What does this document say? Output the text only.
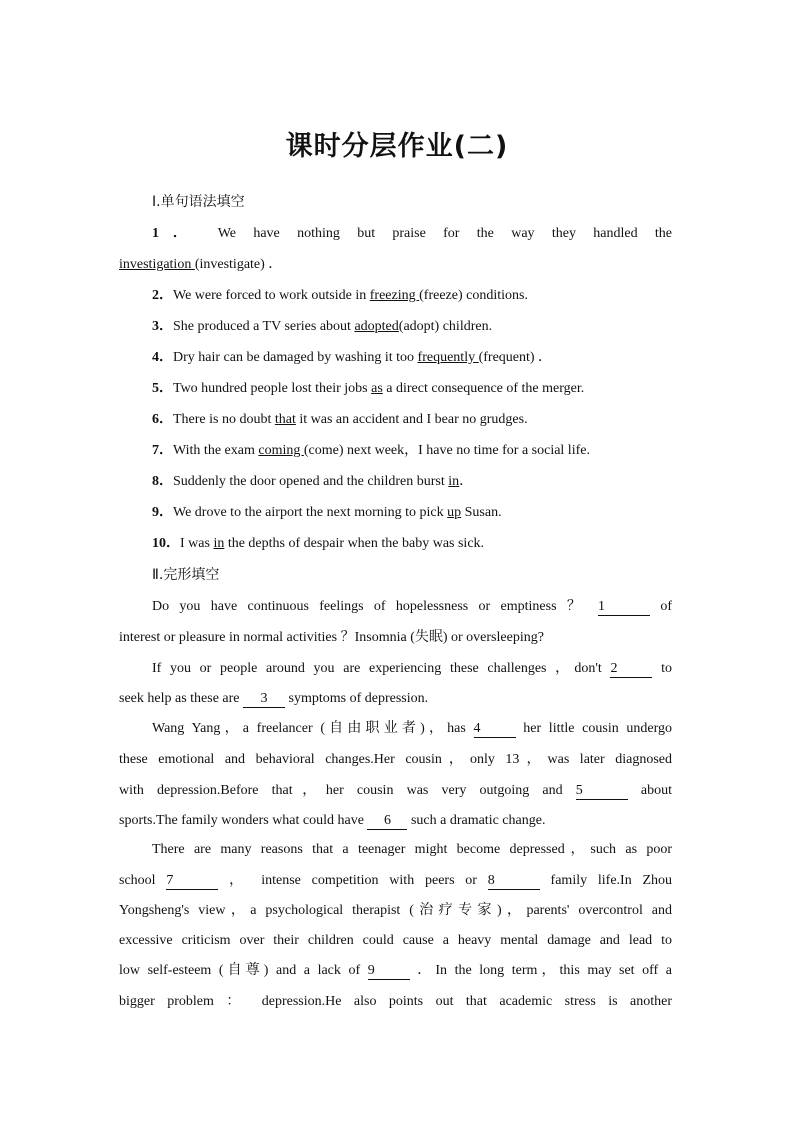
课时分层作业(二)
Ⅰ.单句语法填空
1． We have nothing but praise for the way they handled the
investigation (investigate) ．
2．We were forced to work outside in freezing (freeze) conditions.
3．She produced a TV series about adopted(adopt) children.
4．Dry hair can be damaged by washing it too frequently (frequent) ．
5．Two hundred people lost their jobs as a direct consequence of the merger.
6．There is no doubt that it was an accident and I bear no grudges.
7．With the exam coming (come) next week，I have no time for a social life.
8．Suddenly the door opened and the children burst in．
9．We drove to the airport the next morning to pick up Susan.
10．I was in the depths of despair when the baby was sick.
Ⅱ.完形填空
Do you have continuous feelings of hopelessness or emptiness ？ 1	of
interest or pleasure in normal activities ？Insomnia (失眠) or oversleeping?
If you or people around you are experiencing these challenges ，don't 2	to
seek help as these are 3 symptoms of depression.
Wang Yang，a freelancer (自由职业者)，has 4	her little cousin undergo
these emotional and behavioral changes.Her cousin，only 13，was later diagnosed
with depression.Before that，her cousin was very outgoing and 5	about
sports.The family wonders what could have 6 such a dramatic change.
There are many reasons that a teenager might become depressed，such as poor
school 7	， intense competition with peers or 8	family life.In Zhou
Yongsheng's view，a psychological therapist (治疗专家)，parents' overcontrol and
excessive criticism over their children could cause a heavy mental damage and lead to
low self-esteem (自尊) and a lack of 9	．In the long term，this may set off a
bigger problem ： depression.He also points out that academic stress is another
